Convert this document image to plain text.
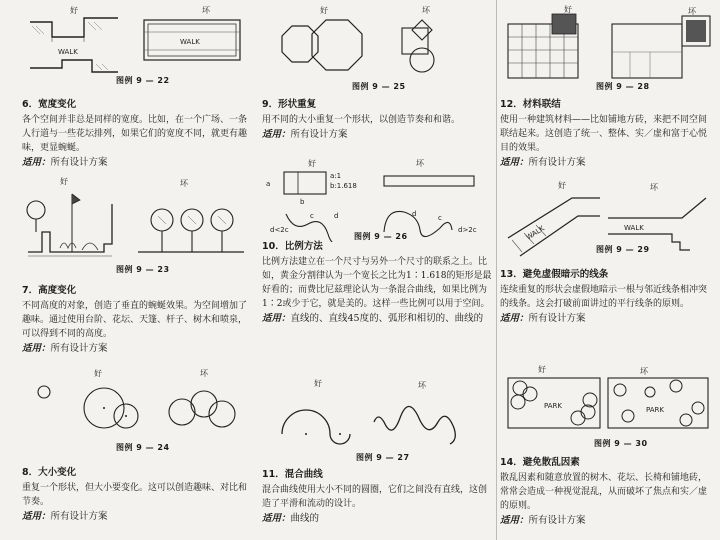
好	坏
WALK
WALK
图例 9 — 22
6．宽度变化

各个空间并非总是同样的宽度。比如，在一个广场、一条人行道与一些花坛排列，如果它们的宽度不同，就更有趣味，更显蜿蜒。

适用：所有设计方案

好	坏
图例 9 — 23
7．高度变化

不同高度的对象，创造了垂直的蜿蜒效果。为空间增加了趣味。通过使用台阶、花坛、天篷、杆子、树木和喷泉，可以得到不同的高度。

适用：所有设计方案

好	坏
图例 9 — 24
8．大小变化

重复一个形状，但大小要变化。这可以创造趣味、对比和节奏。

适用：所有设计方案

好	坏
图例 9 — 25
9．形状重复

用不同的大小重复一个形状，以创造节奏和和谐。

适用：所有设计方案

好	坏
a
b
a:1
b:1.618
c	d
d<2c
d	c
d>2c
图例 9 — 26
10．比例方法

比例方法建立在一个尺寸与另外一个尺寸的联系之上。比如，黄金分割律认为一个宽长之比为1∶1.618的矩形是最好看的；而费比尼兹理论认为一条混合曲线，如果比例为1∶2或少于它，就是美的。这样一些比例可以用于空间。

适用：直线的、直线45度的、弧形和相切的、曲线的

好	坏
图例 9 — 27
11．混合曲线

混合曲线使用大小不同的圆圈，它们之间没有直线，这创造了平滑和流动的设计。

适用：曲线的

好	坏
图例 9 — 28
12．材料联结

使用一种建筑材料——比如铺地方砖，来把不同空间联结起来。这创造了统一、整体、实／虚和富于心悦目的效果。

适用：所有设计方案

好	坏
WALK	WALK
图例 9 — 29
13．避免虚假暗示的线条

连续重复的形状会虚假地暗示一根与邻近线条相冲突的线条。这会打破前面讲过的平行线条的原则。

适用：所有设计方案

好	坏
PARK	PARK
图例 9 — 30
14．避免散乱因素

散乱因素和随意放置的树木、花坛、长椅和铺地砖，常常会造成一种视觉混乱，从而破坏了焦点和实／虚的原则。

适用：所有设计方案
